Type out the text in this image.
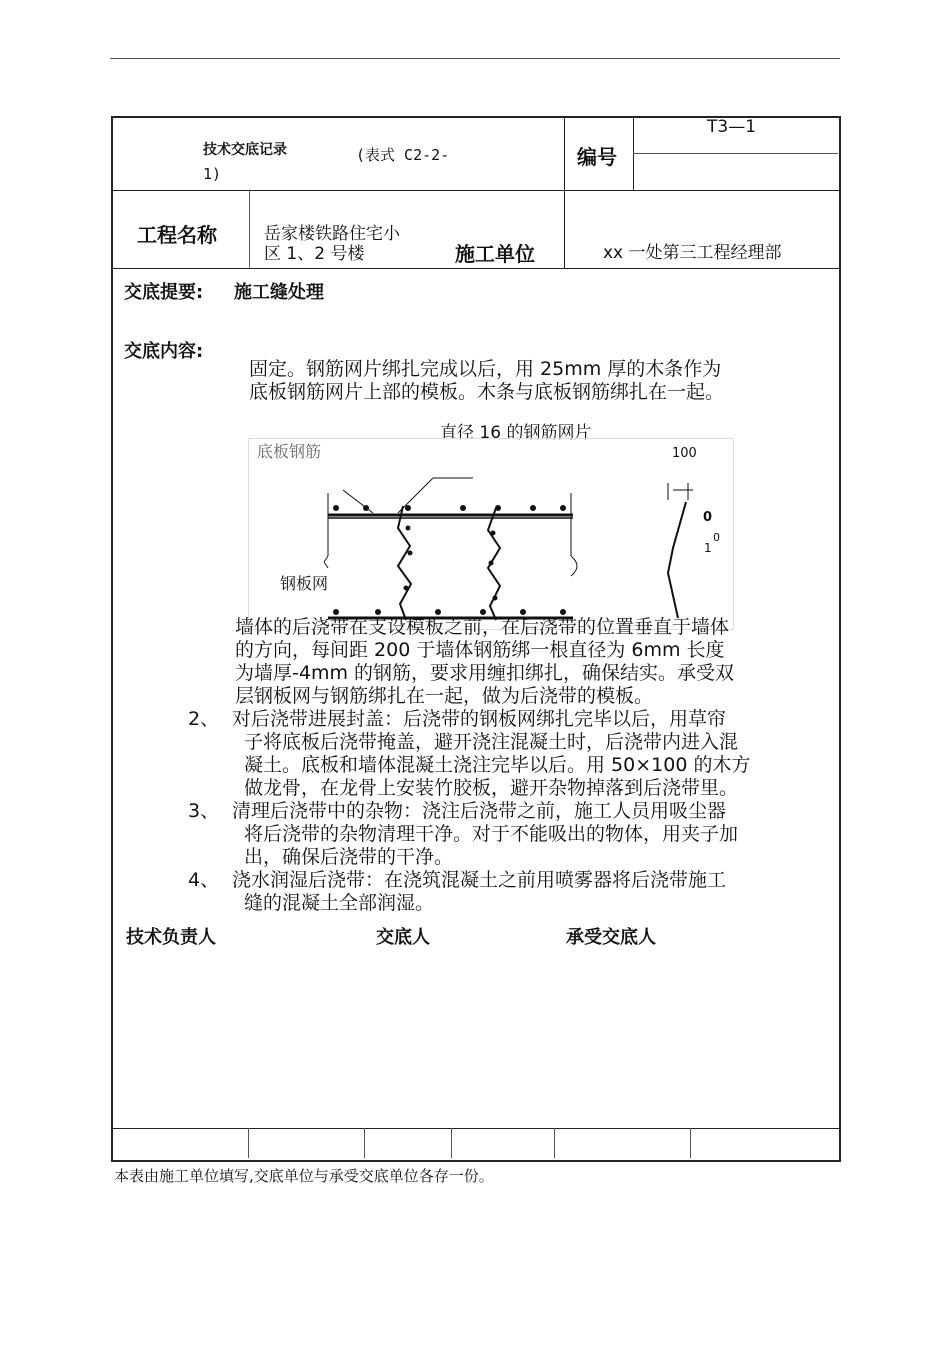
技术交底记录	(表式 C2-2-
1)
编号
T3—1
工程名称	岳家楼铁路住宅小
区 1、2 号楼	施工单位	xx 一处第三工程经理部
交底提要: 施工缝处理
交底内容:
固定。钢筋网片绑扎完成以后，用 25mm 厚的木条作为
底板钢筋网片上部的模板。木条与底板钢筋绑扎在一起。
直径 16 的钢筋网片
底板钢筋
钢板网
100
0
0
1
墙体的后浇带在支设模板之前，在后浇带的位置垂直于墙体
的方向，每间距 200 于墙体钢筋绑一根直径为 6mm 长度
为墙厚-4mm 的钢筋，要求用缠扣绑扎，确保结实。承受双
层钢板网与钢筋绑扎在一起，做为后浇带的模板。
2、 对后浇带进展封盖：后浇带的钢板网绑扎完毕以后，用草帘
子将底板后浇带掩盖，避开浇注混凝土时，后浇带内进入混
凝土。底板和墙体混凝土浇注完毕以后。用 50×100 的木方
做龙骨，在龙骨上安装竹胶板，避开杂物掉落到后浇带里。
3、 清理后浇带中的杂物：浇注后浇带之前，施工人员用吸尘器
将后浇带的杂物清理干净。对于不能吸出的物体，用夹子加
出，确保后浇带的干净。
4、 浇水润湿后浇带：在浇筑混凝土之前用喷雾器将后浇带施工
缝的混凝土全部润湿。
技术负责人	交底人	承受交底人
本表由施工单位填写,交底单位与承受交底单位各存一份。
